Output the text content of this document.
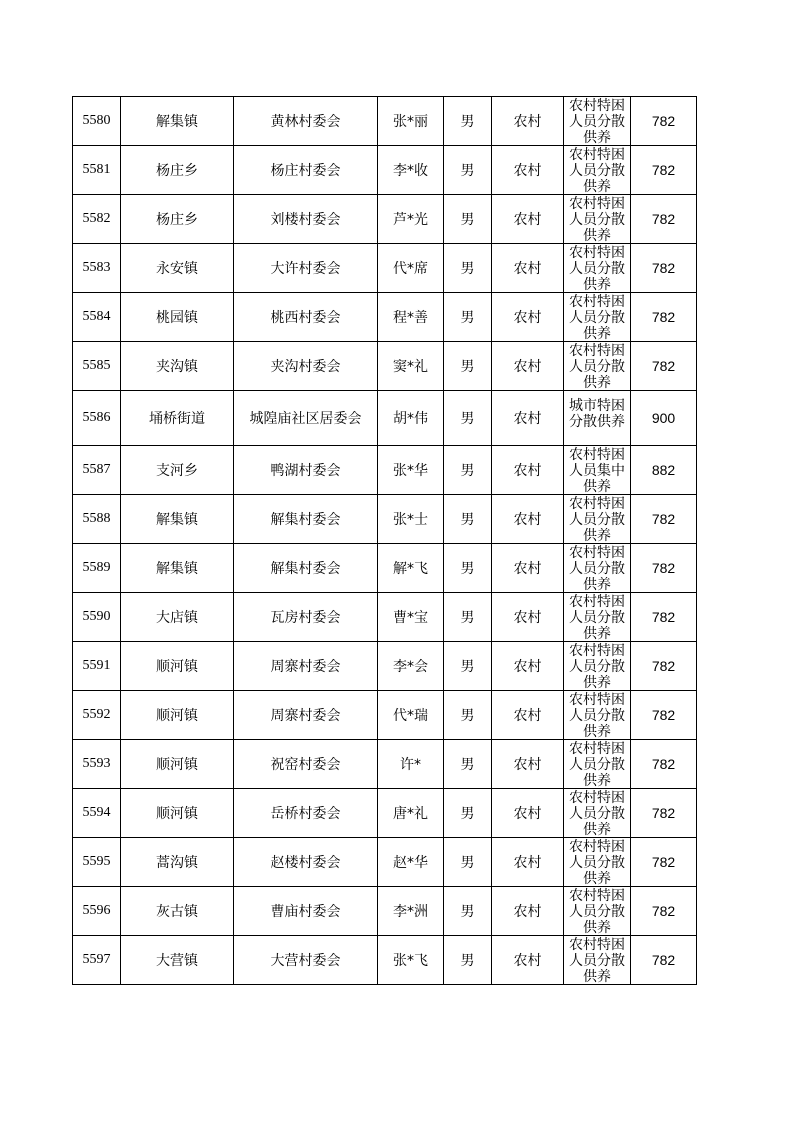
5580	解集镇	黄林村委会	张*丽	男	农村	农村特困人员分散供养	782
5581	杨庄乡	杨庄村委会	李*收	男	农村	农村特困人员分散供养	782
5582	杨庄乡	刘楼村委会	芦*光	男	农村	农村特困人员分散供养	782
5583	永安镇	大许村委会	代*席	男	农村	农村特困人员分散供养	782
5584	桃园镇	桃西村委会	程*善	男	农村	农村特困人员分散供养	782
5585	夹沟镇	夹沟村委会	窦*礼	男	农村	农村特困人员分散供养	782
5586	埇桥街道	城隍庙社区居委会	胡*伟	男	农村	城市特困分散供养	900
5587	支河乡	鸭湖村委会	张*华	男	农村	农村特困人员集中供养	882
5588	解集镇	解集村委会	张*士	男	农村	农村特困人员分散供养	782
5589	解集镇	解集村委会	解*飞	男	农村	农村特困人员分散供养	782
5590	大店镇	瓦房村委会	曹*宝	男	农村	农村特困人员分散供养	782
5591	顺河镇	周寨村委会	李*会	男	农村	农村特困人员分散供养	782
5592	顺河镇	周寨村委会	代*瑞	男	农村	农村特困人员分散供养	782
5593	顺河镇	祝窑村委会	许*	男	农村	农村特困人员分散供养	782
5594	顺河镇	岳桥村委会	唐*礼	男	农村	农村特困人员分散供养	782
5595	蒿沟镇	赵楼村委会	赵*华	男	农村	农村特困人员分散供养	782
5596	灰古镇	曹庙村委会	李*洲	男	农村	农村特困人员分散供养	782
5597	大营镇	大营村委会	张*飞	男	农村	农村特困人员分散供养	782
